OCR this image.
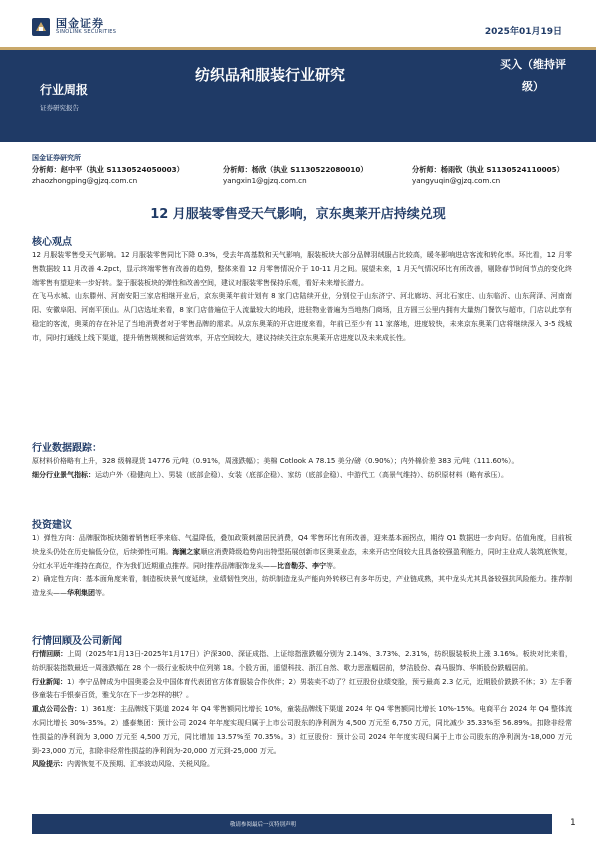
国金证券
SINOLINK SECURITIES	2025年01月19日
行业周报
证券研究报告
纺织品和服装行业研究
买入（维持评
级）
国金证券研究所
分析师：赵中平（执业 S1130524050003）
zhaozhongping@gjzq.com.cn
分析师：杨欣（执业 S1130522080010）
yangxin1@gjzq.com.cn
分析师：杨雨钦（执业 S1130524110005）
yangyuqin@gjzq.com.cn
12 月服装零售受天气影响，京东奥莱开店持续兑现
核心观点
12 月服装零售受天气影响。12 月服装零售同比下降 0.3%，受去年高基数和天气影响，服装板块大部分品牌羽绒服占比较高，暖冬影响进店客流和转化率。环比看，12 月零售数据较 11 月改善 4.2pct，显示终端零售有改善的趋势，整体来看 12 月零售情况介于 10-11 月之间。展望未来，1 月天气情况环比有所改善，剔除春节时间节点的变化终端零售有望迎来一步好转。鉴于服装板块的弹性和改善空间，建议对服装零售保持乐观，看好未来增长潜力。
在飞马水城、山东滕州、河南安阳三家店相继开业后，京东奥莱年前计划有 8 家门店陆续开业，分别位于山东济宁、河北廊坊、河北石家庄、山东临沂、山东菏泽、河南南阳、安徽阜阳、河南平顶山。从门店选址来看，8 家门店普遍位于人流量较大的地段，进驻物业普遍为当地热门商场，且方圆三公里内拥有大量热门餐饮与超市，门店以此享有稳定的客流，奥莱的存在补足了当地消费者对于零售品牌的需求。从京东奥莱的开店进度来看，年前已至少有 11 家落地，进度较快，未来京东奥莱门店将继续深入 3-5 线城市，同时打通线上线下渠道，提升销售规模和运营效率，开店空间较大，建议持续关注京东奥莱开店进度以及未来成长性。
行业数据跟踪：
原材料价格略有上升，328 级棉现货 14776 元/吨（0.91%，周涨跌幅）；美棉 Cotlook A 78.15 美分/磅（0.90%）；内外棉价差 383 元/吨（111.60%）。
细分行业景气指标：运动户外（稳健向上）、男装（底部企稳）、女装（底部企稳）、家纺（底部企稳）、中游代工（高景气维持）、纺织原材料（略有承压）。
投资建议
1）弹性方向：品牌服饰板块随着销售旺季来临、气温降低，叠加政策刺激居民消费，Q4 零售环比有所改善，迎来基本面拐点，期待 Q1 数据进一步向好。估值角度，目前板块龙头仍处在历史偏低分位，后续弹性可期。海澜之家顺应消费降级趋势向出特型拓展创新市区奥莱业态，未来开店空间较大且具备较强盈利能力，同时主业成人装筑底恢复，分红水平近年维持在高位，作为我们近期重点推荐。同时推荐品牌服饰龙头——比音勒芬、李宁等。
2）确定性方向：基本面角度来看，制造板块景气度延续，业绩韧性突出，纺织制造龙头产能向外转移已有多年历史，产业链成熟，其中龙头尤其具备较强抗风险能力。推荐制造龙头——华利集团等。
行情回顾及公司新闻
行情回顾：上周（2025年1月13日-2025年1月17日）沪深300、深证成指、上证综指涨跌幅分别为 2.14%、3.73%、2.31%，纺织服装板块上涨 3.16%。板块对比来看，纺织服装指数最近一周涨跌幅在 28 个一级行业板块中位列第 18。个股方面，遥望科技、浙江自然、歌力思涨幅居前，梦洁股份、森马服饰、华斯股份跌幅居前。
行业新闻：1）李宁品牌成为中国奥委会及中国体育代表团官方体育服装合作伙伴；2）男装卖不动了？红豆股份业绩变脸，预亏最高 2.3 亿元，近期股价跌跌不休；3）左手奢侈童装右手银泰百货，雅戈尔在下一步怎样的棋？。
重点公司公告：1）361度：主品牌线下渠道 2024 年 Q4 零售额同比增长 10%，童装品牌线下渠道 2024 年 Q4 零售额同比增长 10%-15%。电商平台 2024 年 Q4 整体流水同比增长 30%-35%。2）盛泰集团：预计公司 2024 年年度实现归属于上市公司股东的净利润为 4,500 万元至 6,750 万元，同比减少 35.33%至 56.89%。扣除非经常性损益的净利润为 3,000 万元至 4,500 万元，同比增加 13.57%至 70.35%。3）红豆股份：预计公司 2024 年年度实现归属于上市公司股东的净利润为-18,000 万元到-23,000 万元，扣除非经常性损益的净利润为-20,000 万元到-25,000 万元。
风险提示：内需恢复不及预期、汇率波动风险、关税风险。
敬请参阅最后一页特别声明	1
